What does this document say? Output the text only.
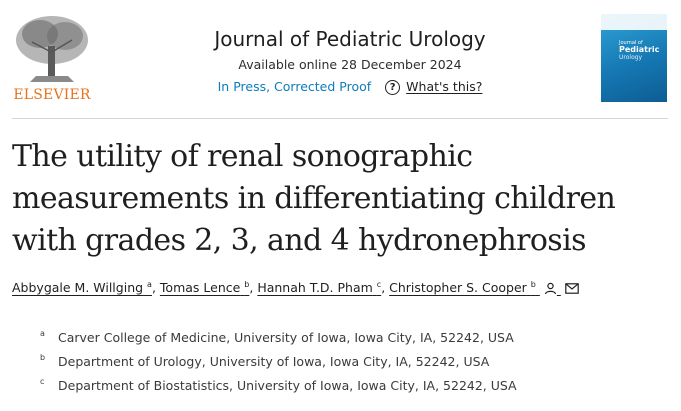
ELSEVIER
Journal of Pediatric Urology
Available online 28 December 2024
In Press, Corrected Proof	? What's this?
Journal of
Pediatric
Urology
The utility of renal sonographic measurements in differentiating children with grades 2, 3, and 4 hydronephrosis
Abbygale M. Willging $^a$ , Tomas Lence $^b$ , Hannah T.D. Pham $^c$ , Christopher S. Cooper $^b$
a	Carver College of Medicine, University of Iowa, Iowa City, IA, 52242, USA
b	Department of Urology, University of Iowa, Iowa City, IA, 52242, USA
c	Department of Biostatistics, University of Iowa, Iowa City, IA, 52242, USA
